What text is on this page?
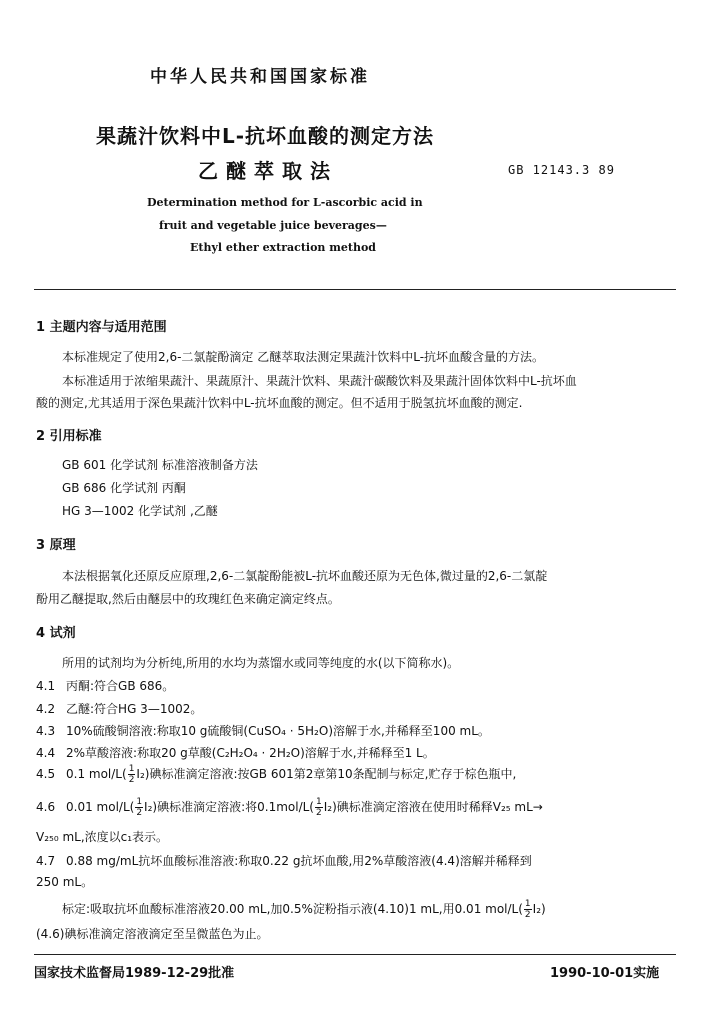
中华人民共和国国家标准
果蔬汁饮料中L-抗坏血酸的测定方法
乙醚萃取法	GB 12143.3 89
Determination method for L-ascorbic acid in
fruit and vegetable juice beverages—
Ethyl ether extraction method
1 主题内容与适用范围
本标准规定了使用2,6-二氯靛酚滴定 乙醚萃取法测定果蔬汁饮料中L-抗坏血酸含量的方法。
本标准适用于浓缩果蔬汁、果蔬原汁、果蔬汁饮料、果蔬汁碳酸饮料及果蔬汁固体饮料中L-抗坏血
酸的测定,尤其适用于深色果蔬汁饮料中L-抗坏血酸的测定。但不适用于脱氢抗坏血酸的测定.
2 引用标准
GB 601 化学试剂 标准溶液制备方法
GB 686 化学试剂 丙酮
HG 3—1002 化学试剂 ,乙醚
3 原理
本法根据氧化还原反应原理,2,6-二氯靛酚能被L-抗坏血酸还原为无色体,微过量的2,6-二氯靛
酚用乙醚提取,然后由醚层中的玫瑰红色来确定滴定终点。
4 试剂
所用的试剂均为分析纯,所用的水均为蒸馏水或同等纯度的水(以下简称水)。
4.1 丙酮:符合GB 686。
4.2 乙醚:符合HG 3—1002。
4.3 10%硫酸铜溶液:称取10 g硫酸铜(CuSO₄ · 5H₂O)溶解于水,并稀释至100 mL。
4.4 2%草酸溶液:称取20 g草酸(C₂H₂O₄ · 2H₂O)溶解于水,并稀释至1 L。
4.5 0.1 $mol/L( \frac{1}{2} I_2)$碘标准滴定溶液:按GB 601第2章第10条配制与标定,贮存于棕色瓶中,
4.6 0.01 $mol/L( \frac{1}{2} I_2)$碘标准滴定溶液:将$0.1mol/L( \frac{1}{2} I_2)$碘标准滴定溶液在使用时稀释V₂₅ mL→
V₂₅₀ mL,浓度以c₁表示。
4.7 0.88 mg/mL抗坏血酸标准溶液:称取0.22 g抗坏血酸,用2%草酸溶液(4.4)溶解并稀释到
250 mL。
标定:吸取抗坏血酸标准溶液20.00 mL,加0.5%淀粉指示液(4.10)1 mL,用0.01 $mol/L( \frac{1}{2} I_2)$
(4.6)碘标准滴定溶液滴定至呈微蓝色为止。
国家技术监督局1989-12-29批准	1990-10-01实施
